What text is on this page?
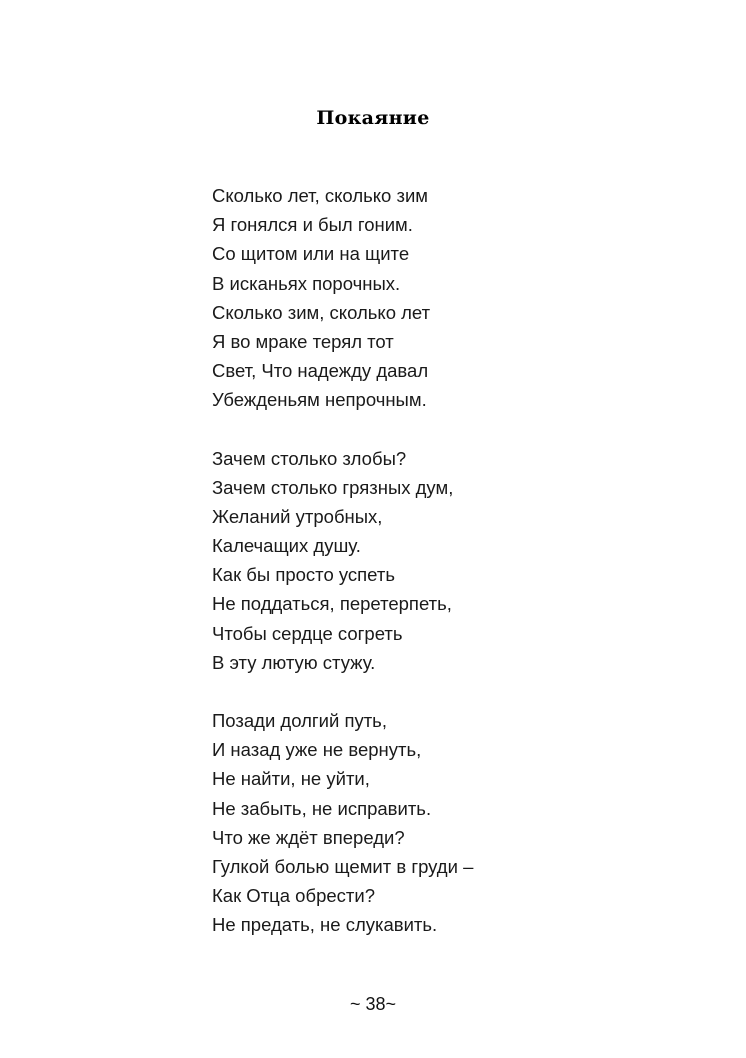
Покаяние
Сколько лет, сколько зим
Я гонялся и был гоним.
Со щитом или на щите
В исканьях порочных.
Сколько зим, сколько лет
Я во мраке терял тот
Свет, Что надежду давал
Убежденьям непрочным.
Зачем столько злобы?
Зачем столько грязных дум,
Желаний утробных,
Калечащих душу.
Как бы просто успеть
Не поддаться, перетерпеть,
Чтобы сердце согреть
В эту лютую стужу.
Позади долгий путь,
И назад уже не вернуть,
Не найти, не уйти,
Не забыть, не исправить.
Что же ждёт впереди?
Гулкой болью щемит в груди –
Как Отца обрести?
Не предать, не слукавить.
~ 38~
